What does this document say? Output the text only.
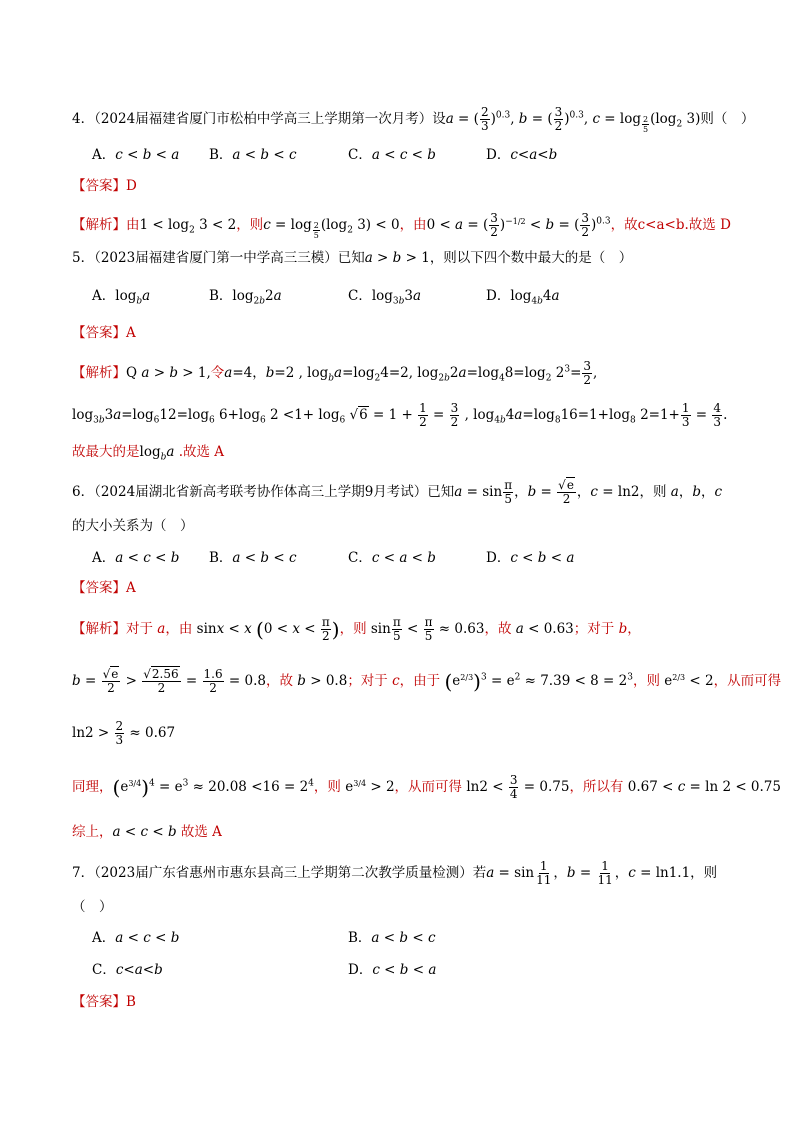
4．（2024届福建省厦门市松柏中学高三上学期第一次月考）设a = ( $\frac{2}{3} )^{0.3}$, b = ( $\frac{3}{2} )^{0.3}$, c = log $_{\frac{2}{5}}$ ($\log_2$ 3)则（　）
A．c < b < a B．a < b < c	C．a < c < b	D．c<a<b
【答案】D
【解析】由$1 < \log_2 3 < 2$，则c = log $_{\frac{2}{5}}$ ($\log_2$ 3) < 0，由0 < a = ( $\frac{3}{2} )^{-1/2} < b$ = ( $\frac{3}{2} )^{0.3}$，故c<a<b.故选 D
5．（2023届福建省厦门第一中学高三三模）已知a > b > 1，则以下四个数中最大的是（　）
A．$\log_ba$	B．$\log_{2b}2a$	C．$\log_{3b}3a$	D．$\log_{4b}4a$
【答案】A
【解析】Q a > b > 1,令a=4，b=2 , $\log_ba=\log_24=2$, $\log_{2b}2a=\log_48=\log_2$ $2^3= \frac{3}{2}$ ,
$\log_{3b}3a=\log_612=\log_6$ $6+\log_6$ $2 <1+ \log_6 √6 = 1 + \frac{1}{2} = \frac{3}{2}$ , $\log_{4b}4a=\log_816=1+\log_8$ $2=1+ \frac{1}{3} = \frac{4}{3}$ .
故最大的是$\log_ba$ .故选 A
6．（2024届湖北省新高考联考协作体高三上学期9月考试）已知$a = \sin \frac{\pi}{5}$ ，$b = \frac{√e}{2}$ ，c = ln2，则 a，b，c
的大小关系为（　）
A．a < c < b B．a < b < c	C．c < a < b	D．c < b < a
【答案】A
【解析】对于 a，由 sinx < x ($0 < x < \frac{\pi}{2}$ )，则 $\sin \frac{\pi}{5} < \frac{\pi}{5} \approx 0.63$，故 a < 0.63；对于 b，
$b = \frac{√e}{2} > \frac{√2.56}{2} = \frac{1.6}{2} = 0.8$，故 b > 0.8；对于 c，由于 $(e^{2/3})^3 = e^2 \approx 7.39 < 8 = 2^3$，则 $e^{2/3} < 2$，从而可得
$\ln 2 > \frac{2}{3} \approx 0.67$
同理，$(e^{3/4})^4 = e^3 \approx 20.08 <16 = 2^4$，则 $e^{3/4} > 2$，从而可得 $\ln 2 < \frac{3}{4} = 0.75$，所以有 0.67 < c = ln 2 < 0.75
综上，a < c < b 故选 A
7．（2023届广东省惠州市惠东县高三上学期第二次教学质量检测）若$a = \sin \frac{1}{11}$ ，$b = \frac{1}{11}$ ，c = ln1.1，则
（　）
A．a < c < b	B．a < b < c
C．c<a<b	D．c < b < a
【答案】B
